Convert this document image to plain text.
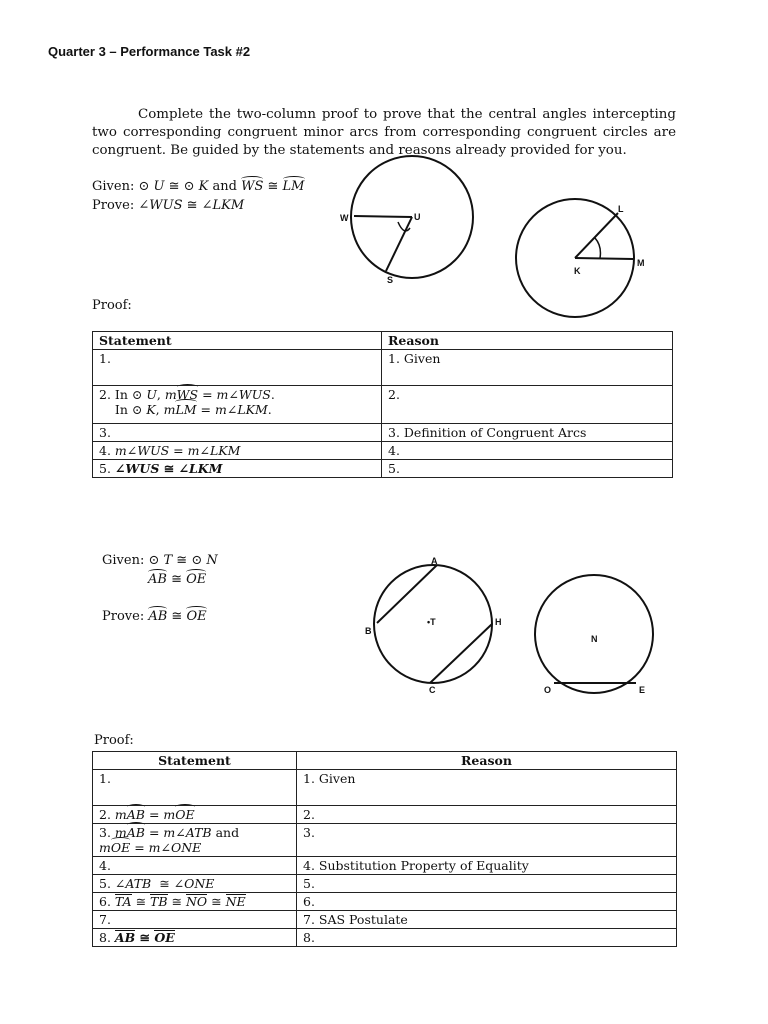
Quarter 3 – Performance Task #2
Complete the two-column proof to prove that the central angles intercepting two corresponding congruent minor arcs from corresponding congruent circles are congruent. Be guided by the statements and reasons already provided for you.
Given: ⊙ U ≅ ⊙ K and WS ≅ LM
Prove: ∠WUS ≅ ∠LKM
W	U
S
K
L
M
Proof:
Statement	Reason
1.	1. Given
2. In ⊙ U, mWS = m∠WUS.
In ⊙ K, mLM = m∠LKM.	2.
3.	3. Definition of Congruent Arcs
4. m∠WUS = m∠LKM	4.
5. ∠WUS ≅ ∠LKM	5.
Given: ⊙ T ≅ ⊙ N
AB ≅ OE
Prove: AB ≅ OE
A
B
•T	H
C
N
O	E
Proof:
Statement	Reason
1.	1. Given
2. mAB = mOE	2.
3. mAB = m∠ATB and
mOE = m∠ONE	3.
4.	4. Substitution Property of Equality
5. ∠ATB  ≅ ∠ONE	5.
6. TA ≅ TB ≅ NO ≅ NE	6.
7.	7. SAS Postulate
8. AB ≅ OE	8.
